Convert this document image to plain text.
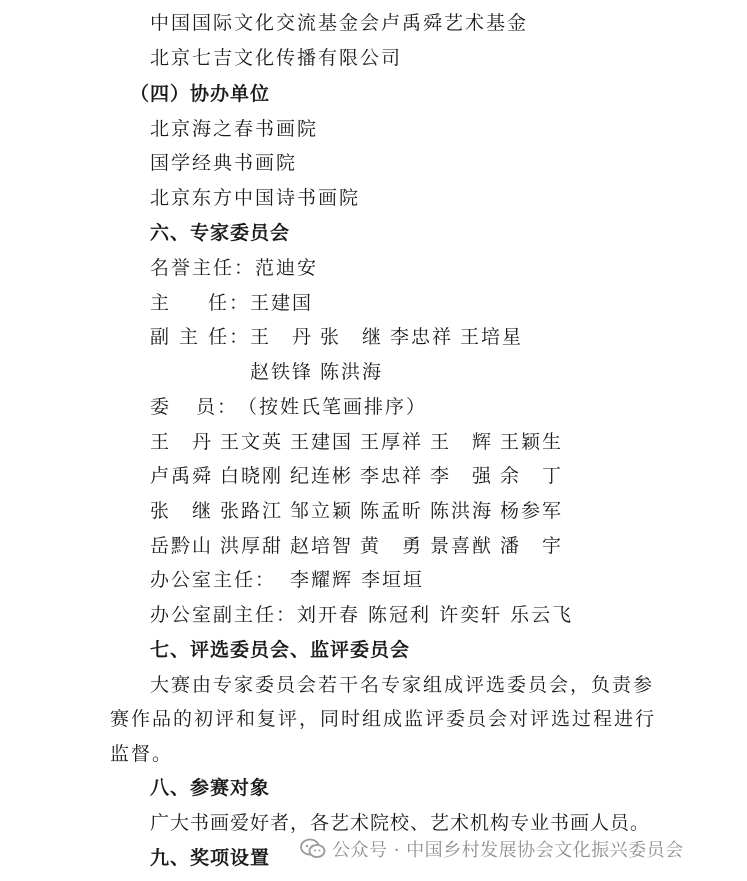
中国国际文化交流基金会卢禹舜艺术基金
北京七吉文化传播有限公司
（四）协办单位
北京海之春书画院
国学经典书画院
北京东方中国诗书画院
六、专家委员会
名誉主任：范迪安
主 任： 王建国
副 主 任：王　丹 张　继 李忠祥 王培星
赵铁锋 陈洪海
委 员： （按姓氏笔画排序）
王　丹 王文英 王建国 王厚祥 王　辉 王颖生
卢禹舜 白晓刚 纪连彬 李忠祥 李　强 余　丁
张　继 张路江 邹立颖 陈孟昕 陈洪海 杨参军
岳黔山 洪厚甜 赵培智 黄　勇 景喜猷 潘　宇
办公室主任： 李耀辉 李垣垣
办公室副主任：刘开春 陈冠利 许奕轩 乐云飞
七、评选委员会、监评委员会
大赛由专家委员会若干名专家组成评选委员会，负责参
赛作品的初评和复评，同时组成监评委员会对评选过程进行
监督。
八、参赛对象
广大书画爱好者，各艺术院校、艺术机构专业书画人员。
九、奖项设置	公众号 · 中国乡村发展协会文化振兴委员会
